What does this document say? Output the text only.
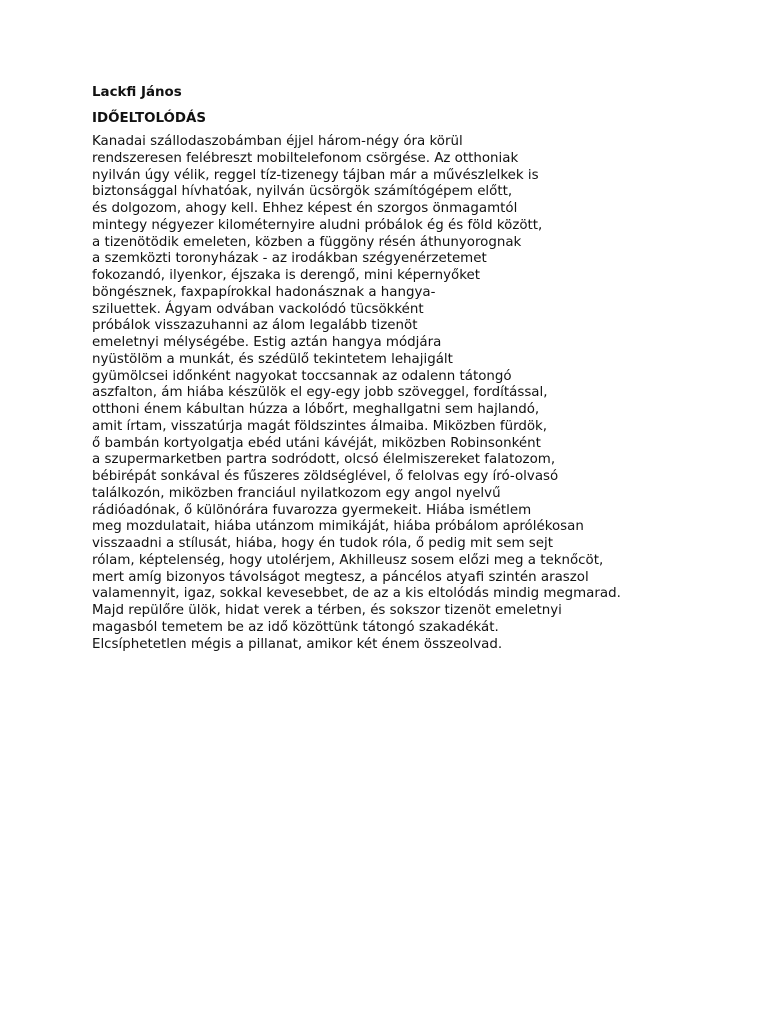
Lackfi János

IDŐELTOLÓDÁS

Kanadai szállodaszobámban éjjel három-négy óra körül
rendszeresen felébreszt mobiltelefonom csörgése. Az otthoniak
nyilván úgy vélik, reggel tíz-tizenegy tájban már a művészlelkek is
biztonsággal hívhatóak, nyilván ücsörgök számítógépem előtt,
és dolgozom, ahogy kell. Ehhez képest én szorgos önmagamtól
mintegy négyezer kilométernyire aludni próbálok ég és föld között,
a tizenötödik emeleten, közben a függöny résén áthunyorognak
a szemközti toronyházak - az irodákban szégyenérzetemet
fokozandó, ilyenkor, éjszaka is derengő, mini képernyőket
böngésznek, faxpapírokkal hadonásznak a hangya-
sziluettek. Ágyam odvában vackolódó tücsökként
próbálok visszazuhanni az álom legalább tizenöt
emeletnyi mélységébe. Estig aztán hangya módjára
nyüstölöm a munkát, és szédülő tekintetem lehajigált
gyümölcsei időnként nagyokat toccsannak az odalenn tátongó
aszfalton, ám hiába készülök el egy-egy jobb szöveggel, fordítással,
otthoni énem kábultan húzza a lóbőrt, meghallgatni sem hajlandó,
amit írtam, visszatúrja magát földszintes álmaiba. Miközben fürdök,
ő bambán kortyolgatja ebéd utáni kávéját, miközben Robinsonként
a szupermarketben partra sodródott, olcsó élelmiszereket falatozom,
bébirépát sonkával és fűszeres zöldséglével, ő felolvas egy író-olvasó
találkozón, miközben franciául nyilatkozom egy angol nyelvű
rádióadónak, ő különórára fuvarozza gyermekeit. Hiába ismétlem
meg mozdulatait, hiába utánzom mimikáját, hiába próbálom aprólékosan
visszaadni a stílusát, hiába, hogy én tudok róla, ő pedig mit sem sejt
rólam, képtelenség, hogy utolérjem, Akhilleusz sosem előzi meg a teknőcöt,
mert amíg bizonyos távolságot megtesz, a páncélos atyafi szintén araszol
valamennyit, igaz, sokkal kevesebbet, de az a kis eltolódás mindig megmarad.
Majd repülőre ülök, hidat verek a térben, és sokszor tizenöt emeletnyi
magasból temetem be az idő közöttünk tátongó szakadékát.
Elcsíphetetlen mégis a pillanat, amikor két énem összeolvad.
